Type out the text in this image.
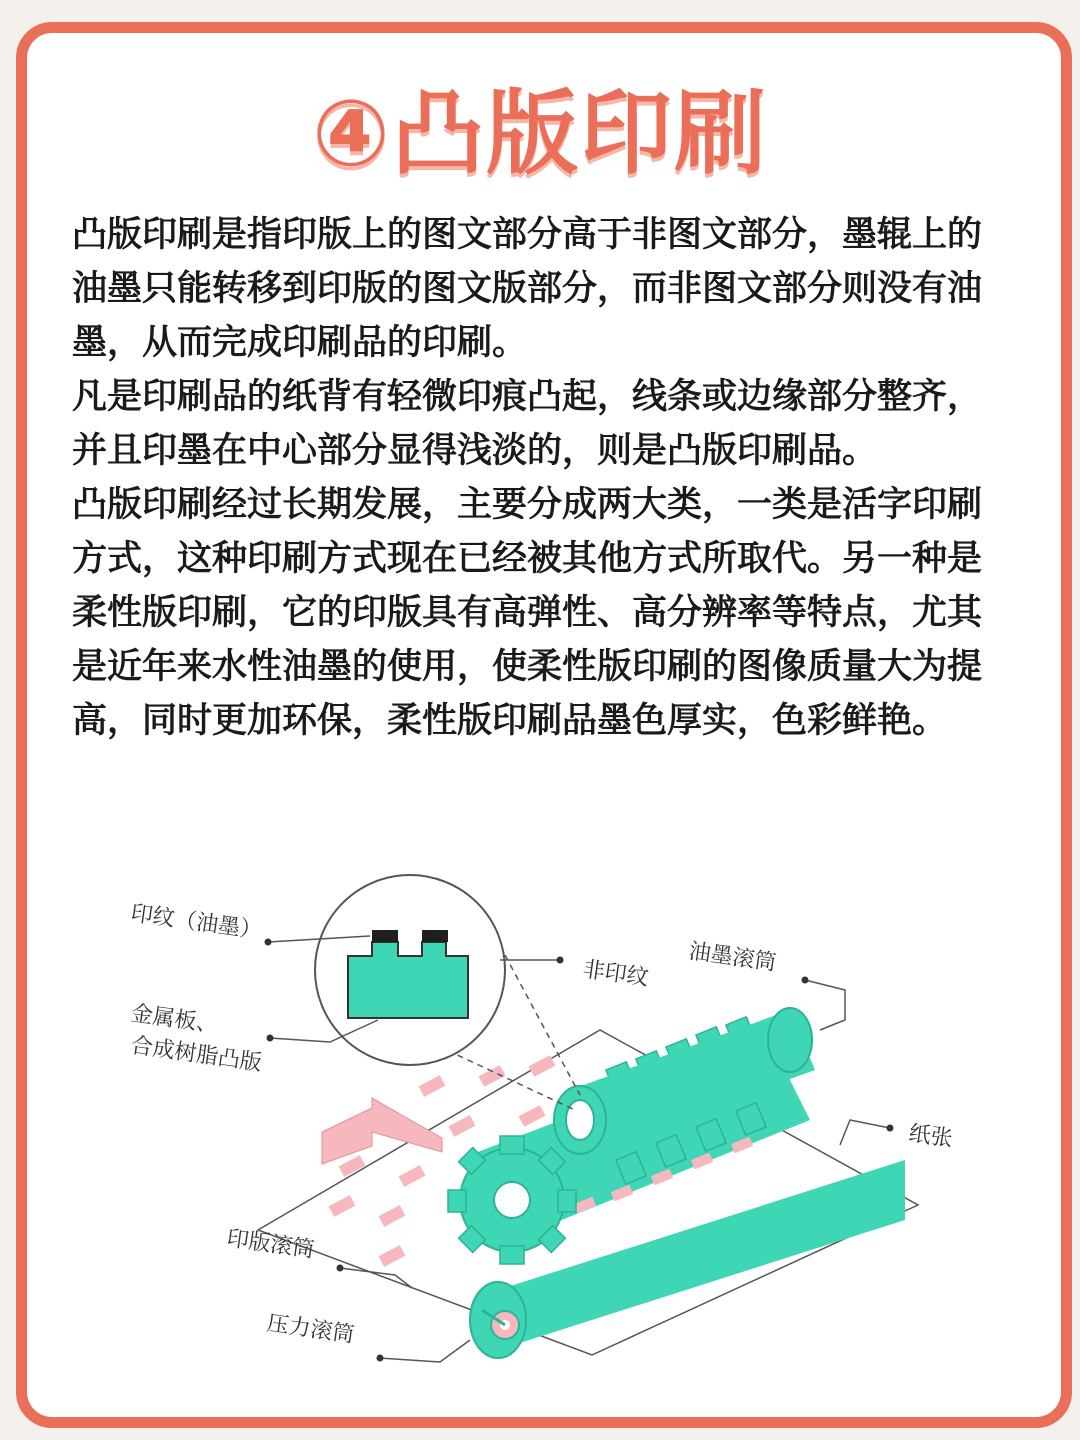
④凸版印刷

凸版印刷是指印版上的图文部分高于非图文部分，墨辊上的油墨只能转移到印版的图文版部分，而非图文部分则没有油墨，从而完成印刷品的印刷。

凡是印刷品的纸背有轻微印痕凸起，线条或边缘部分整齐，并且印墨在中心部分显得浅淡的，则是凸版印刷品。

凸版印刷经过长期发展，主要分成两大类，一类是活字印刷方式，这种印刷方式现在已经被其他方式所取代。另一种是柔性版印刷，它的印版具有高弹性、高分辨率等特点，尤其是近年来水性油墨的使用，使柔性版印刷的图像质量大为提高，同时更加环保，柔性版印刷品墨色厚实，色彩鲜艳。

印纹（油墨）
金属板、
合成树脂凸版
非印纹 油墨滚筒
纸张
印版滚筒
压力滚筒
